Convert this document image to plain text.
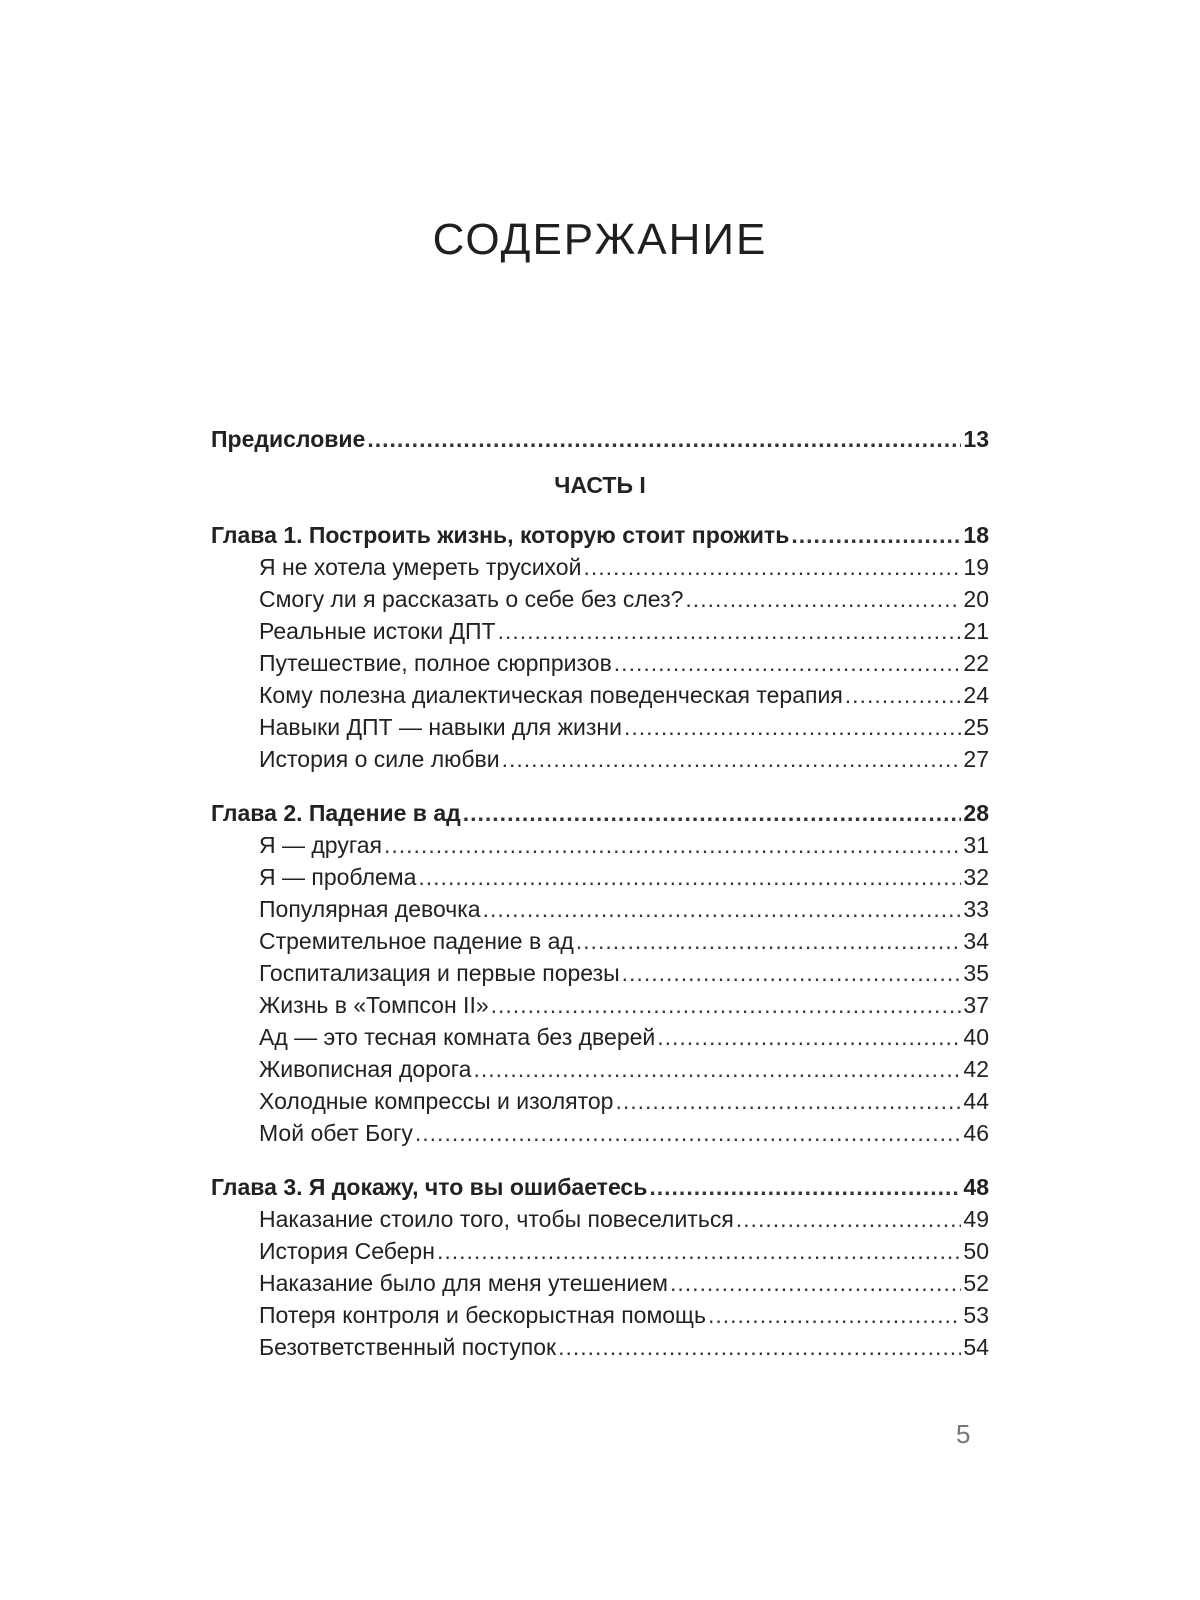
СОДЕРЖАНИЕ
Предисловие .....	13
ЧАСТЬ I
Глава 1. Построить жизнь, которую стоит прожить .....	18
Я не хотела умереть трусихой .....	19
Смогу ли я рассказать о себе без слез? .....	20
Реальные истоки ДПТ .....	21
Путешествие, полное сюрпризов .....	22
Кому полезна диалектическая поведенческая терапия .....	24
Навыки ДПТ — навыки для жизни .....	25
История о силе любви .....	27
Глава 2. Падение в ад .....	28
Я — другая .....	31
Я — проблема .....	32
Популярная девочка .....	33
Стремительное падение в ад .....	34
Госпитализация и первые порезы .....	35
Жизнь в «Томпсон II» .....	37
Ад — это тесная комната без дверей .....	40
Живописная дорога .....	42
Холодные компрессы и изолятор .....	44
Мой обет Богу .....	46
Глава 3. Я докажу, что вы ошибаетесь .....	48
Наказание стоило того, чтобы повеселиться .....	49
История Себерн .....	50
Наказание было для меня утешением .....	52
Потеря контроля и бескорыстная помощь .....	53
Безответственный поступок .....	54
5
